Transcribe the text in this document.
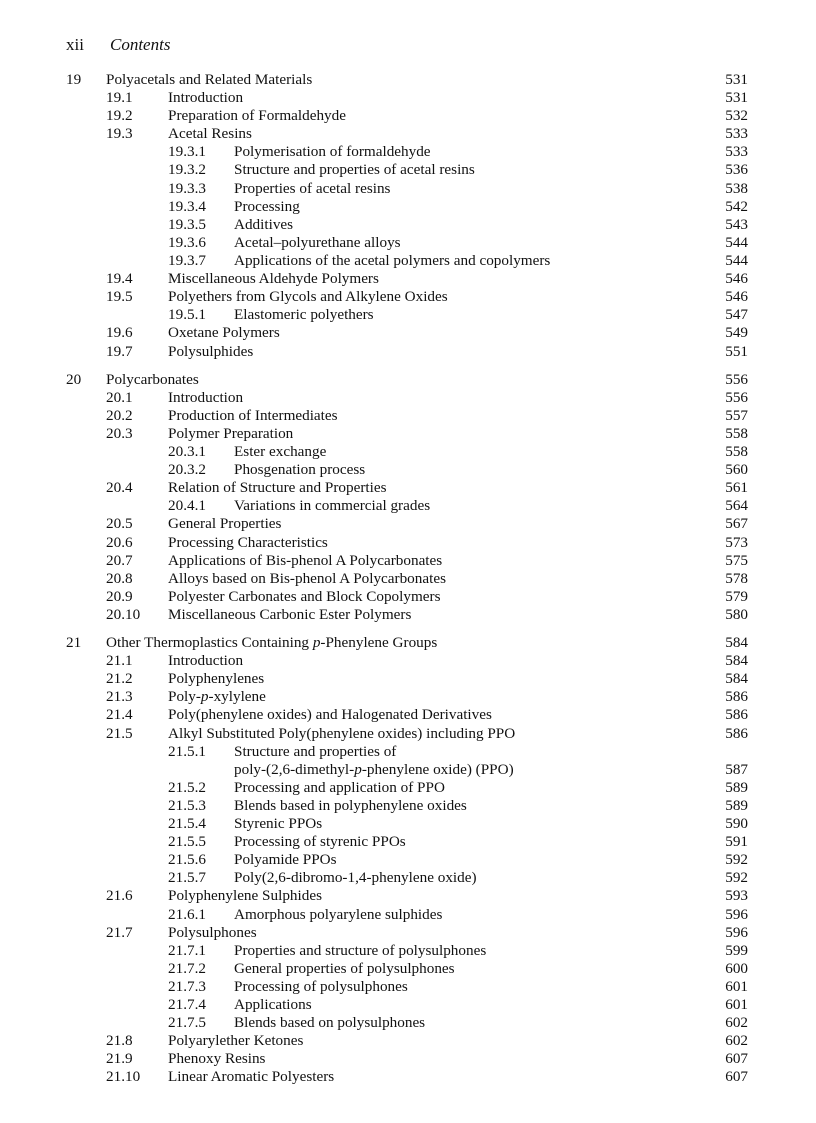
xii Contents
19 Polyacetals and Related Materials	531
19.1 Introduction	531
19.2 Preparation of Formaldehyde	532
19.3 Acetal Resins	533
19.3.1 Polymerisation of formaldehyde	533
19.3.2 Structure and properties of acetal resins	536
19.3.3 Properties of acetal resins	538
19.3.4 Processing	542
19.3.5 Additives	543
19.3.6 Acetal–polyurethane alloys	544
19.3.7 Applications of the acetal polymers and copolymers	544
19.4 Miscellaneous Aldehyde Polymers	546
19.5 Polyethers from Glycols and Alkylene Oxides	546
19.5.1 Elastomeric polyethers	547
19.6 Oxetane Polymers	549
19.7 Polysulphides	551
20 Polycarbonates	556
20.1 Introduction	556
20.2 Production of Intermediates	557
20.3 Polymer Preparation	558
20.3.1 Ester exchange	558
20.3.2 Phosgenation process	560
20.4 Relation of Structure and Properties	561
20.4.1 Variations in commercial grades	564
20.5 General Properties	567
20.6 Processing Characteristics	573
20.7 Applications of Bis-phenol A Polycarbonates	575
20.8 Alloys based on Bis-phenol A Polycarbonates	578
20.9 Polyester Carbonates and Block Copolymers	579
20.10 Miscellaneous Carbonic Ester Polymers	580
21 Other Thermoplastics Containing p-Phenylene Groups	584
21.1 Introduction	584
21.2 Polyphenylenes	584
21.3 Poly-p-xylylene	586
21.4 Poly(phenylene oxides) and Halogenated Derivatives	586
21.5 Alkyl Substituted Poly(phenylene oxides) including PPO	586
21.5.1 Structure and properties of
poly-(2,6-dimethyl-p-phenylene oxide) (PPO)	587
21.5.2 Processing and application of PPO	589
21.5.3 Blends based in polyphenylene oxides	589
21.5.4 Styrenic PPOs	590
21.5.5 Processing of styrenic PPOs	591
21.5.6 Polyamide PPOs	592
21.5.7 Poly(2,6-dibromo-1,4-phenylene oxide)	592
21.6 Polyphenylene Sulphides	593
21.6.1 Amorphous polyarylene sulphides	596
21.7 Polysulphones	596
21.7.1 Properties and structure of polysulphones	599
21.7.2 General properties of polysulphones	600
21.7.3 Processing of polysulphones	601
21.7.4 Applications	601
21.7.5 Blends based on polysulphones	602
21.8 Polyarylether Ketones	602
21.9 Phenoxy Resins	607
21.10 Linear Aromatic Polyesters	607
